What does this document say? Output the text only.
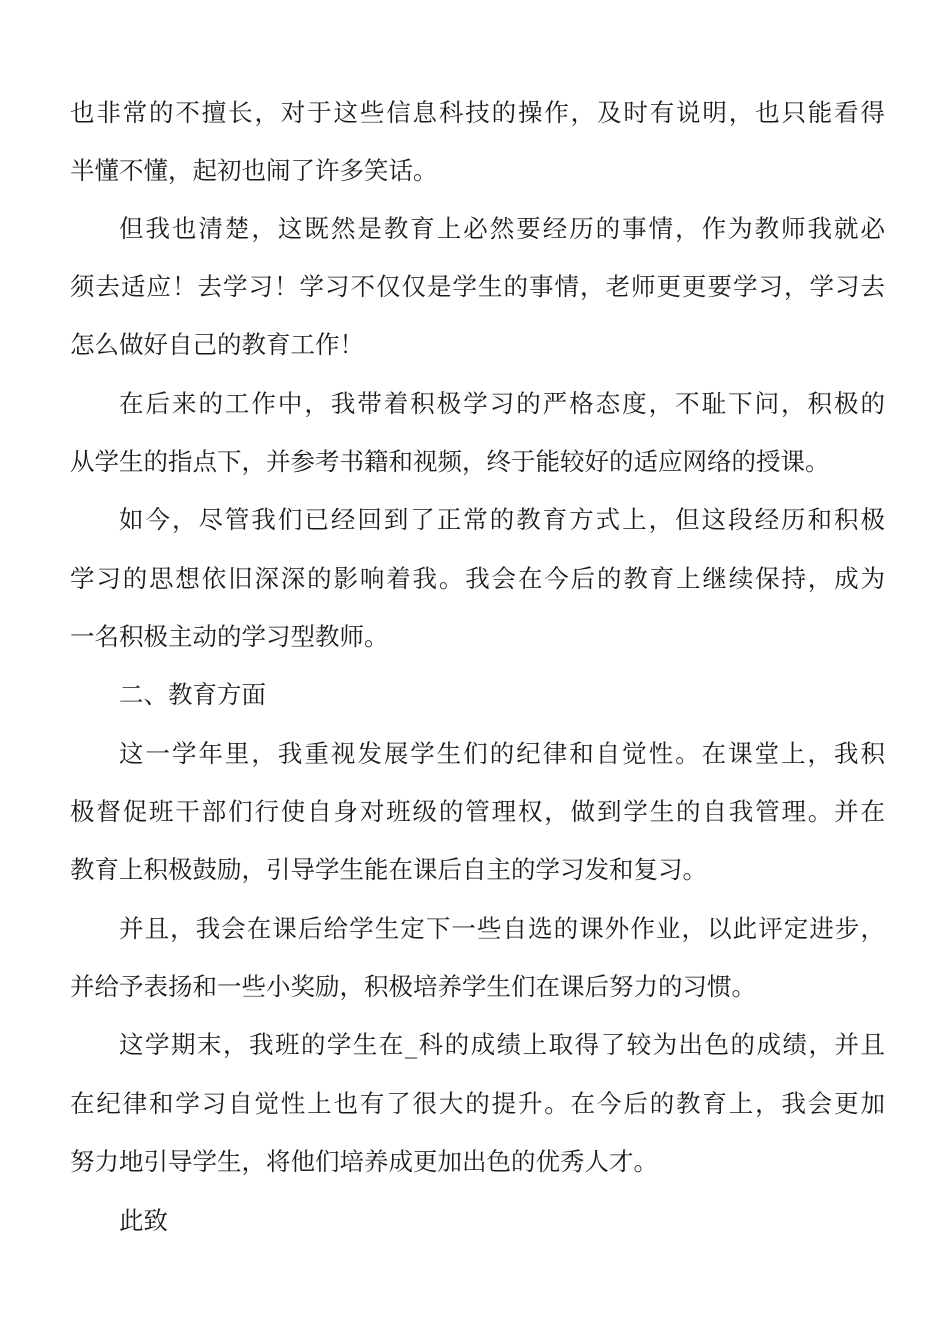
也非常的不擅长，对于这些信息科技的操作，及时有说明，也只能看得

半懂不懂，起初也闹了许多笑话。

但我也清楚，这既然是教育上必然要经历的事情，作为教师我就必

须去适应！去学习！学习不仅仅是学生的事情，老师更更要学习，学习去

怎么做好自己的教育工作！

在后来的工作中，我带着积极学习的严格态度，不耻下问，积极的

从学生的指点下，并参考书籍和视频，终于能较好的适应网络的授课。

如今，尽管我们已经回到了正常的教育方式上，但这段经历和积极

学习的思想依旧深深的影响着我。我会在今后的教育上继续保持，成为

一名积极主动的学习型教师。

二、教育方面

这一学年里，我重视发展学生们的纪律和自觉性。在课堂上，我积

极督促班干部们行使自身对班级的管理权，做到学生的自我管理。并在

教育上积极鼓励，引导学生能在课后自主的学习发和复习。

并且，我会在课后给学生定下一些自选的课外作业，以此评定进步，

并给予表扬和一些小奖励，积极培养学生们在课后努力的习惯。

这学期末，我班的学生在_科的成绩上取得了较为出色的成绩，并且

在纪律和学习自觉性上也有了很大的提升。在今后的教育上，我会更加

努力地引导学生，将他们培养成更加出色的优秀人才。

此致
